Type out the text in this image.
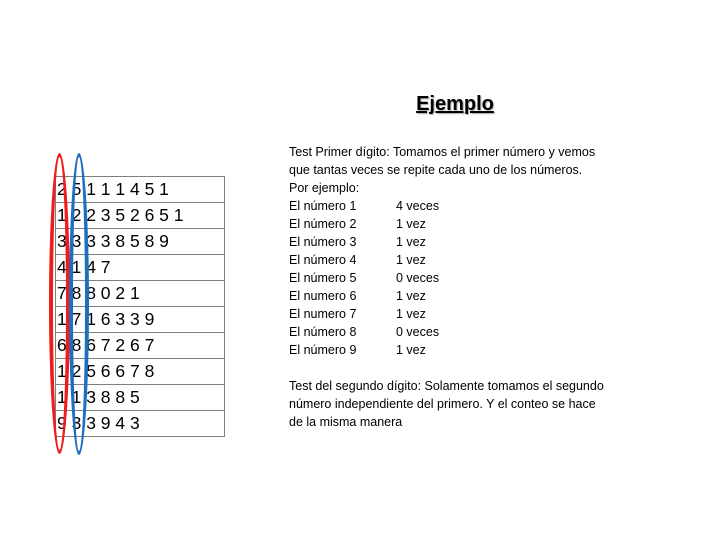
Ejemplo
2 5 1 1 1 4 5 1
1 2 2 3 5 2 6 5 1
3 3 3 3 8 5 8 9
4 1 4 7
7 8 8 0 2 1
1 7 1 6 3 3 9
6 8 6 7 2 6 7
1 2 5 6 6 7 8
1 1 3 8 8 5
9 3 3 9 4 3

Test Primer dígito: Tomamos el primer número y vemos que tantas veces se repite cada uno de los números.

Por ejemplo:

El número 1	4 veces
El número 2	1 vez
El número 3	1 vez
El número 4	1 vez
El número 5	0 veces
El numero 6	1 vez
El numero 7	1 vez
El número 8	0 veces
El número 9	1 vez

Test del segundo dígito: Solamente tomamos el segundo número independiente del primero. Y el conteo se hace de la misma manera
